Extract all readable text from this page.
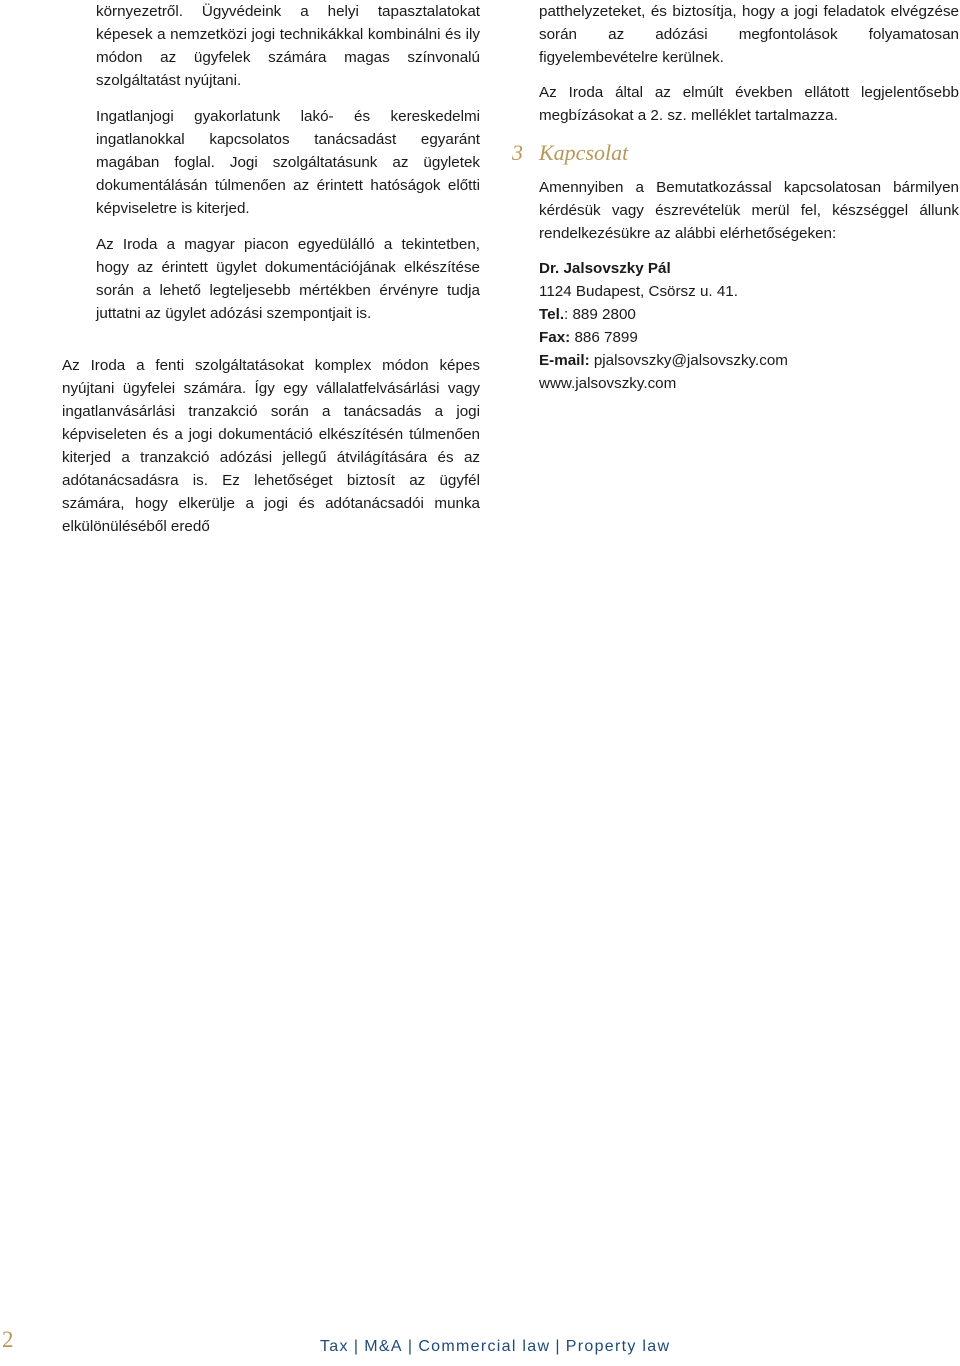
környezetről. Ügyvédeink a helyi tapasztalatokat képesek a nemzetközi jogi technikákkal kombinálni és ily módon az ügyfelek számára magas színvonalú szolgáltatást nyújtani.

Ingatlanjogi gyakorlatunk lakó- és kereskedelmi ingatlanokkal kapcsolatos tanácsadást egyaránt magában foglal. Jogi szolgáltatásunk az ügyletek dokumentálásán túlmenően az érintett hatóságok előtti képviseletre is kiterjed.

Az Iroda a magyar piacon egyedülálló a tekintetben, hogy az érintett ügylet dokumentációjának elkészítése során a lehető legteljesebb mértékben érvényre tudja juttatni az ügylet adózási szempontjait is.

Az Iroda a fenti szolgáltatásokat komplex módon képes nyújtani ügyfelei számára. Így egy vállalatfelvásárlási vagy ingatlanvásárlási tranzakció során a tanácsadás a jogi képviseleten és a jogi dokumentáció elkészítésén túlmenően kiterjed a tranzakció adózási jellegű átvilágítására és az adótanácsadásra is. Ez lehetőséget biztosít az ügyfél számára, hogy elkerülje a jogi és adótanácsadói munka elkülönüléséből eredő

patthelyzeteket, és biztosítja, hogy a jogi feladatok elvégzése során az adózási megfontolások folyamatosan figyelembevételre kerülnek.

Az Iroda által az elmúlt években ellátott legjelentősebb megbízásokat a 2. sz. melléklet tartalmazza.

3 Kapcsolat

Amennyiben a Bemutatkozással kapcsolatosan bármilyen kérdésük vagy észrevételük merül fel, készséggel állunk rendelkezésükre az alábbi elérhetőségeken:

Dr. Jalsovszky Pál

1124 Budapest, Csörsz u. 41.

Tel.: 889 2800

Fax: 886 7899

E-mail: pjalsovszky@jalsovszky.com

www.jalsovszky.com

2	Tax | M&A | Commercial law | Property law
